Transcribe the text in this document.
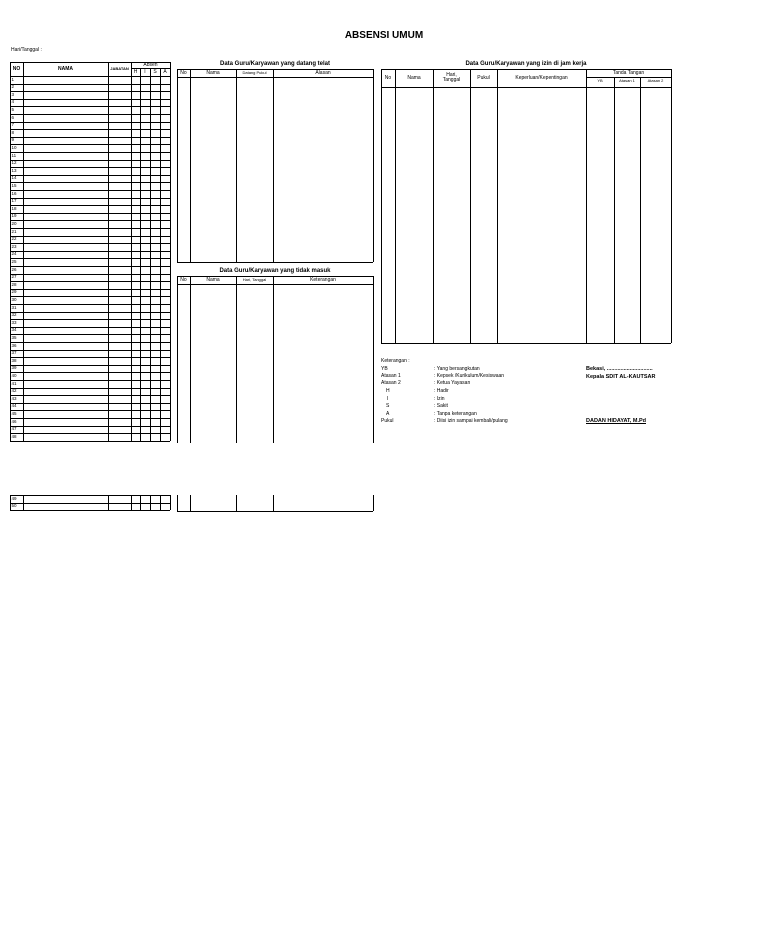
ABSENSI UMUM
Hari/Tanggal :
NO	NAMA	JABATAN
Absen
H	I	S	A
1
2
3
4
5
6
7
8
9
10
11
12
13
14
15
16
17
18
19
20
21
22
23
24
25
26
27
28
29
30
31
32
33
34
35
36
37
38
39
40
41
42
43
44
45
46
47
48
49
50
Data Guru/Karyawan yang datang telat
No	Nama	Datang Pukul	Alasan
Data Guru/Karyawan yang tidak masuk
No	Nama	Hari, Tanggal	Keterangan
Data Guru/Karyawan yang izin di jam kerja
No	Nama	Hari, Tanggal	Pukul	Keperluan/Kepentingan
Tanda Tangan
YB	Atasan 1	Atasan 2
Keterangan :
YB	: Yang bersangkutan
Atasan 1	: Kepsek /Kurikulum/Kesiswaan
Atasan 2	: Ketua Yayasan
H	: Hadir
I	: Izin
S	: Sakit
A	: Tanpa keterangan
Pukul	: Diisi izin sampai kembali/pulang
Bekasi, ..............................
Kepala SDIT AL-KAUTSAR
DADAN HIDAYAT, M.Pd
